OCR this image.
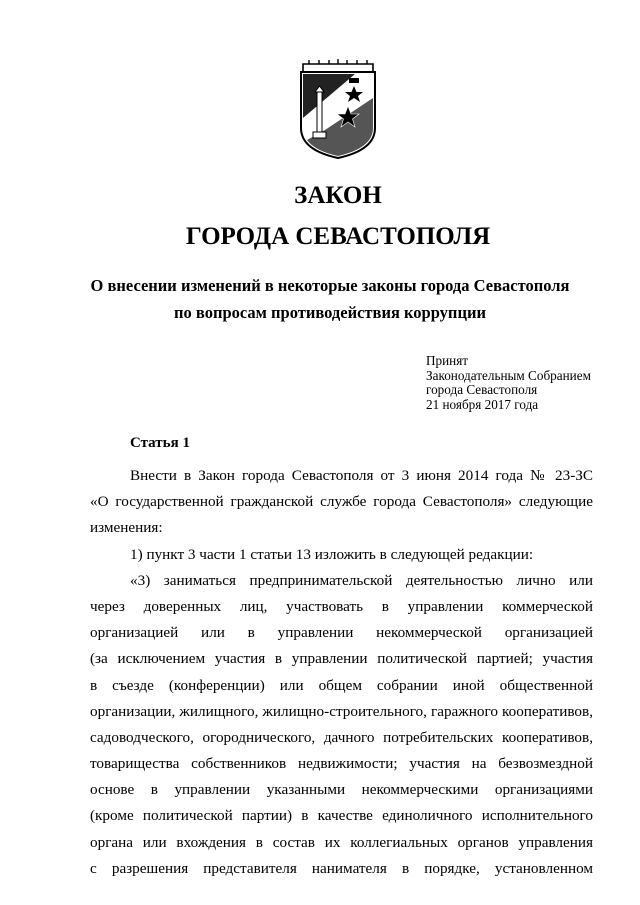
ЗАКОН
ГОРОДА СЕВАСТОПОЛЯ

О внесении изменений в некоторые законы города Севастополя

по вопросам противодействия коррупции

Принят
Законодательным Собранием
города Севастополя
21 ноября 2017 года
Статья 1
Внести в Закон города Севастополя от 3 июня 2014 года № 23-ЗС
«О государственной гражданской службе города Севастополя» следующие
изменения:
1) пункт 3 части 1 статьи 13 изложить в следующей редакции:
«3) заниматься предпринимательской деятельностью лично или
через доверенных лиц, участвовать в управлении коммерческой
организацией или в управлении некоммерческой организацией
(за исключением участия в управлении политической партией; участия
в съезде (конференции) или общем собрании иной общественной
организации, жилищного, жилищно-строительного, гаражного кооперативов,
садоводческого, огороднического, дачного потребительских кооперативов,
товарищества собственников недвижимости; участия на безвозмездной
основе в управлении указанными некоммерческими организациями
(кроме политической партии) в качестве единоличного исполнительного
органа или вхождения в состав их коллегиальных органов управления
с разрешения представителя нанимателя в порядке, установленном
